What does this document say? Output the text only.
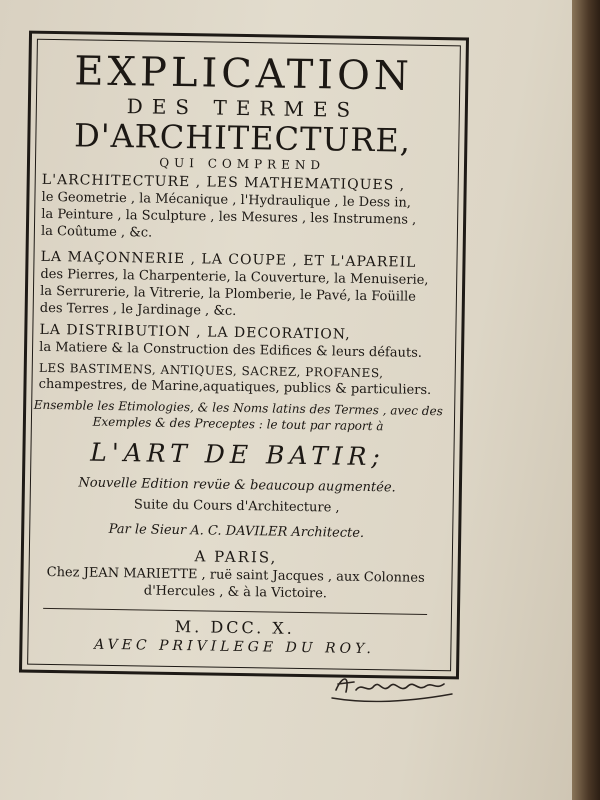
EXPLICATION
DES TERMES
D'ARCHITECTURE,
QUI COMPREND
L'ARCHITECTURE , LES MATHEMATIQUES ,
le Geometrie , la Mécanique , l'Hydraulique , le Dess in,
la Peinture , la Sculpture , les Mesures , les Instrumens ,
la Coûtume , &c.
LA MAÇONNERIE , LA COUPE , ET L'APAREIL
des Pierres, la Charpenterie, la Couverture, la Menuiserie,
la Serrurerie, la Vitrerie, la Plomberie, le Pavé, la Foüille
des Terres , le Jardinage , &c.
LA DISTRIBUTION , LA DECORATION,
la Matiere & la Construction des Edifices & leurs défauts.
LES BASTIMENS, ANTIQUES, SACREZ, PROFANES,
champestres, de Marine,aquatiques, publics & particuliers.
Ensemble les Etimologies, & les Noms latins des Termes , avec des
Exemples & des Preceptes : le tout par raport à
L'ART DE BATIR;
Nouvelle Edition revüe & beaucoup augmentée.
Suite du Cours d'Architecture ,
Par le Sieur A. C. DAVILER Architecte.
A PARIS,
Chez JEAN MARIETTE , ruë saint Jacques , aux Colonnes
d'Hercules , & à la Victoire.
M. DCC. X.
AVEC PRIVILEGE DU ROY.
